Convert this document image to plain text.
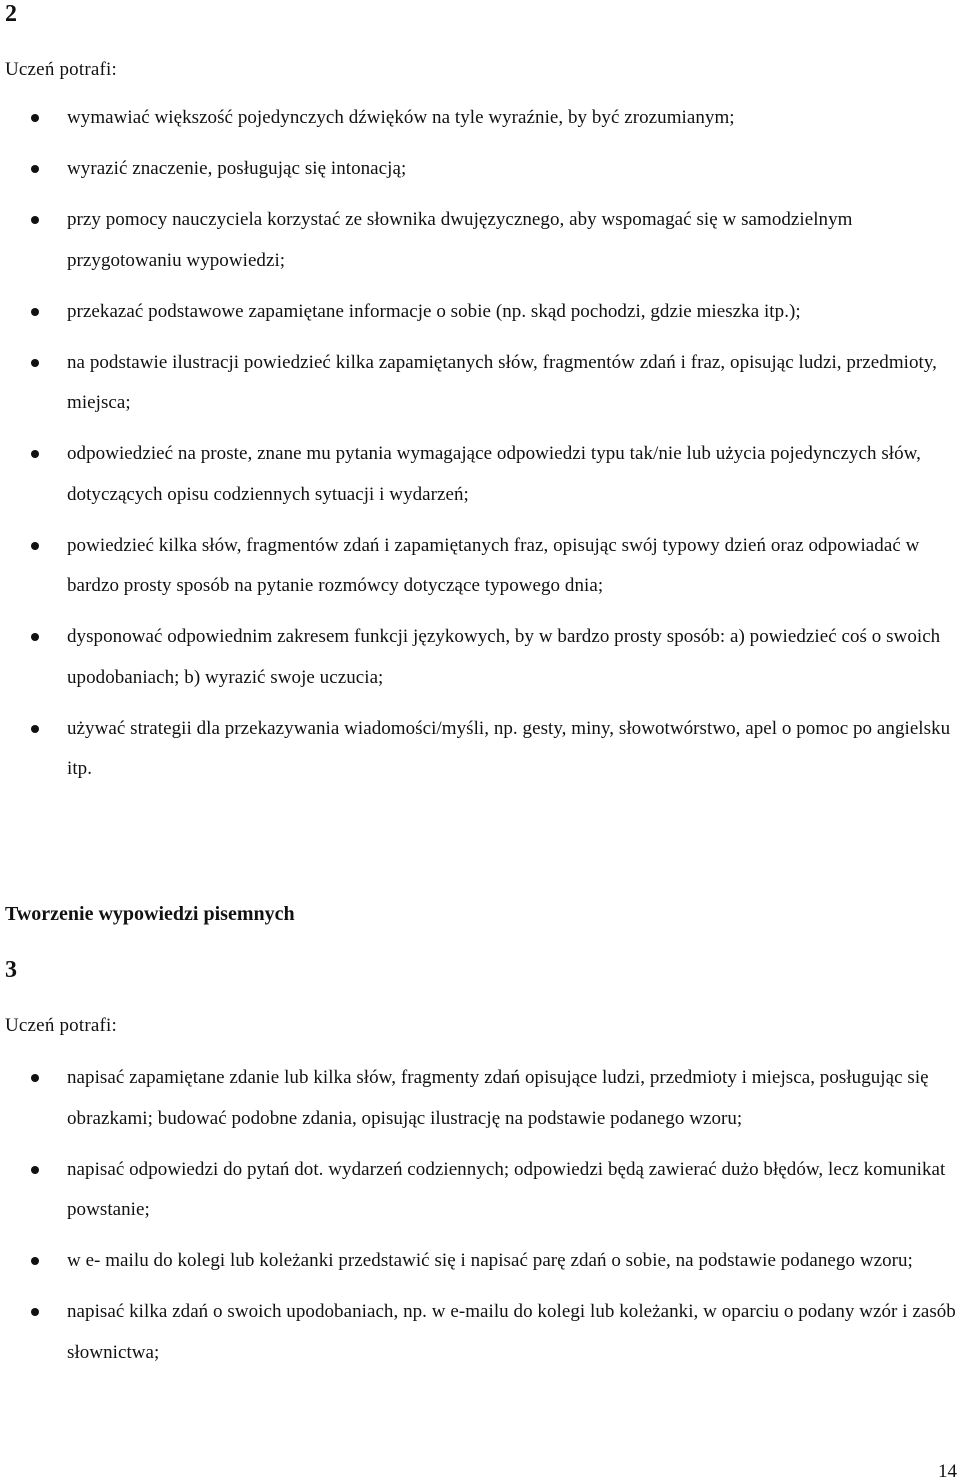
2
Uczeń potrafi:
wymawiać większość pojedynczych dźwięków na tyle wyraźnie, by być zrozumianym;
wyrazić znaczenie, posługując się intonacją;
przy pomocy nauczyciela korzystać ze słownika dwujęzycznego, aby wspomagać się w samodzielnym przygotowaniu wypowiedzi;
przekazać podstawowe zapamiętane informacje o sobie (np. skąd pochodzi, gdzie mieszka itp.);
na podstawie ilustracji powiedzieć kilka zapamiętanych słów, fragmentów zdań i fraz, opisując ludzi, przedmioty, miejsca;
odpowiedzieć na proste, znane mu pytania wymagające odpowiedzi typu tak/nie lub użycia pojedynczych słów, dotyczących opisu codziennych sytuacji i wydarzeń;
powiedzieć kilka słów, fragmentów zdań i zapamiętanych fraz, opisując swój typowy dzień oraz odpowiadać w bardzo prosty sposób na pytanie rozmówcy dotyczące typowego dnia;
dysponować odpowiednim zakresem funkcji językowych, by w bardzo prosty sposób: a) powiedzieć coś o swoich upodobaniach; b) wyrazić swoje uczucia;
używać strategii dla przekazywania wiadomości/myśli, np. gesty, miny, słowotwórstwo, apel o pomoc po angielsku itp.
Tworzenie wypowiedzi pisemnych
3
Uczeń potrafi:
napisać zapamiętane zdanie lub kilka słów, fragmenty zdań opisujące ludzi, przedmioty i miejsca, posługując się obrazkami; budować podobne zdania, opisując ilustrację na podstawie podanego wzoru;
napisać odpowiedzi do pytań dot. wydarzeń codziennych; odpowiedzi będą zawierać dużo błędów, lecz komunikat powstanie;
w e- mailu do kolegi lub koleżanki przedstawić się i napisać parę zdań o sobie, na podstawie podanego wzoru;
napisać kilka zdań o swoich upodobaniach, np. w e-mailu do kolegi lub koleżanki, w oparciu o podany wzór i zasób słownictwa;
14
